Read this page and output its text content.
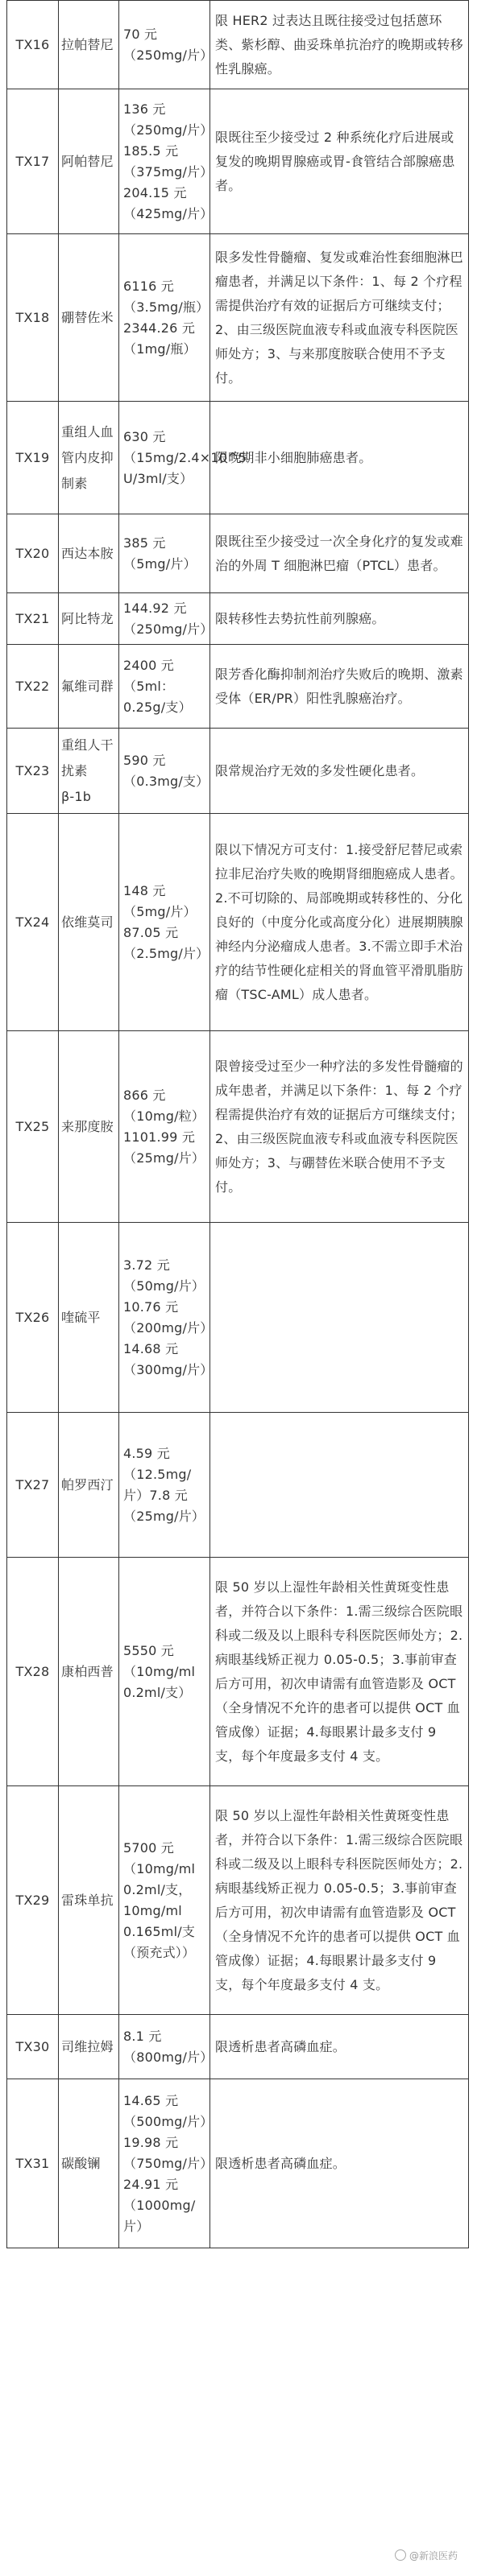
TX16	拉帕替尼	70 元 （250mg/片）	限 HER2 过表达且既往接受过包括蒽环类、紫杉醇、曲妥珠单抗治疗的晚期或转移性乳腺癌。
TX17	阿帕替尼	136 元（250mg/片）185.5 元（375mg/片）204.15 元（425mg/片）	限既往至少接受过 2 种系统化疗后进展或复发的晚期胃腺癌或胃-食管结合部腺癌患者。
TX18	硼替佐米	6116 元（3.5mg/瓶）2344.26 元（1mg/瓶）	限多发性骨髓瘤、复发或难治性套细胞淋巴瘤患者，并满足以下条件：1、每 2 个疗程需提供治疗有效的证据后方可继续支付；2、由三级医院血液专科或血液专科医院医师处方；3、与来那度胺联合使用不予支付。
TX19	重组人血管内皮抑制素	630 元（15mg/2.4×10^5 U/3ml/支）	限晚期非小细胞肺癌患者。
TX20	西达本胺	385 元（5mg/片）	限既往至少接受过一次全身化疗的复发或难治的外周 T 细胞淋巴瘤（PTCL）患者。
TX21	阿比特龙	144.92 元（250mg/片）	限转移性去势抗性前列腺癌。
TX22	氟维司群	2400 元（5ml：0.25g/支）	限芳香化酶抑制剂治疗失败后的晚期、激素受体（ER/PR）阳性乳腺癌治疗。
TX23	重组人干扰素 β-1b	590 元（0.3mg/支）	限常规治疗无效的多发性硬化患者。
TX24	依维莫司	148 元（5mg/片）87.05 元（2.5mg/片）	限以下情况方可支付：1.接受舒尼替尼或索拉非尼治疗失败的晚期肾细胞癌成人患者。2.不可切除的、局部晚期或转移性的、分化良好的（中度分化或高度分化）进展期胰腺神经内分泌瘤成人患者。3.不需立即手术治疗的结节性硬化症相关的肾血管平滑肌脂肪瘤（TSC-AML）成人患者。
TX25	来那度胺	866 元（10mg/粒）1101.99 元（25mg/片）	限曾接受过至少一种疗法的多发性骨髓瘤的成年患者，并满足以下条件：1、每 2 个疗程需提供治疗有效的证据后方可继续支付；2、由三级医院血液专科或血液专科医院医师处方；3、与硼替佐米联合使用不予支付。
TX26	喹硫平	3.72 元（50mg/片）10.76 元（200mg/片）14.68 元（300mg/片）	
TX27	帕罗西汀	4.59 元（12.5mg/片）7.8 元（25mg/片）	
TX28	康柏西普	5550 元（10mg/ml 0.2ml/支）	限 50 岁以上湿性年龄相关性黄斑变性患者，并符合以下条件：1.需三级综合医院眼科或二级及以上眼科专科医院医师处方；2.病眼基线矫正视力 0.05-0.5；3.事前审查后方可用，初次申请需有血管造影及 OCT（全身情况不允许的患者可以提供 OCT 血管成像）证据；4.每眼累计最多支付 9 支，每个年度最多支付 4 支。
TX29	雷珠单抗	5700 元（10mg/ml 0.2ml/支，10mg/ml 0.165ml/支（预充式））	限 50 岁以上湿性年龄相关性黄斑变性患者，并符合以下条件：1.需三级综合医院眼科或二级及以上眼科专科医院医师处方；2.病眼基线矫正视力 0.05-0.5；3.事前审查后方可用，初次申请需有血管造影及 OCT（全身情况不允许的患者可以提供 OCT 血管成像）证据；4.每眼累计最多支付 9 支，每个年度最多支付 4 支。
TX30	司维拉姆	8.1 元（800mg/片）	限透析患者高磷血症。
TX31	碳酸镧	14.65 元（500mg/片）19.98 元（750mg/片）24.91 元（1000mg/片）	限透析患者高磷血症。
@新浪医药
